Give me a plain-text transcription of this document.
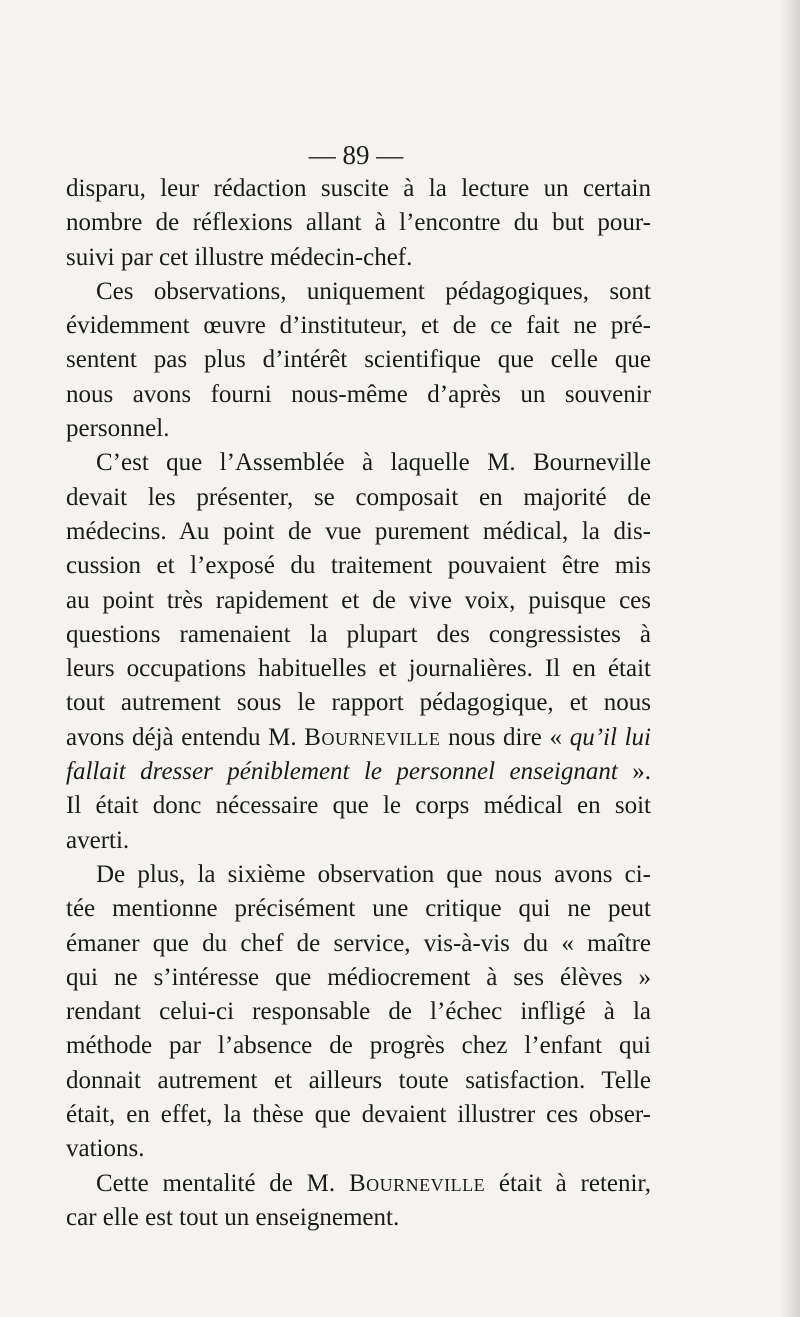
— 89 —

disparu, leur rédaction suscite à la lecture un certain

nombre de réflexions allant à l’encontre du but pour-

suivi par cet illustre médecin-chef.

Ces observations, uniquement pédagogiques, sont

évidemment œuvre d’instituteur, et de ce fait ne pré-

sentent pas plus d’intérêt scientifique que celle que

nous avons fourni nous-même d’après un souvenir

personnel.

C’est que l’Assemblée à laquelle M. Bourneville

devait les présenter, se composait en majorité de

médecins. Au point de vue purement médical, la dis-

cussion et l’exposé du traitement pouvaient être mis

au point très rapidement et de vive voix, puisque ces

questions ramenaient la plupart des congressistes à

leurs occupations habituelles et journalières. Il en était

tout autrement sous le rapport pédagogique, et nous

avons déjà entendu M. Bourneville nous dire « qu’il lui

fallait dresser péniblement le personnel enseignant ».

Il était donc nécessaire que le corps médical en soit

averti.

De plus, la sixième observation que nous avons ci-

tée mentionne précisément une critique qui ne peut

émaner que du chef de service, vis-à-vis du « maître

qui ne s’intéresse que médiocrement à ses élèves »

rendant celui-ci responsable de l’échec infligé à la

méthode par l’absence de progrès chez l’enfant qui

donnait autrement et ailleurs toute satisfaction. Telle

était, en effet, la thèse que devaient illustrer ces obser-

vations.

Cette mentalité de M. Bourneville était à retenir,

car elle est tout un enseignement.
